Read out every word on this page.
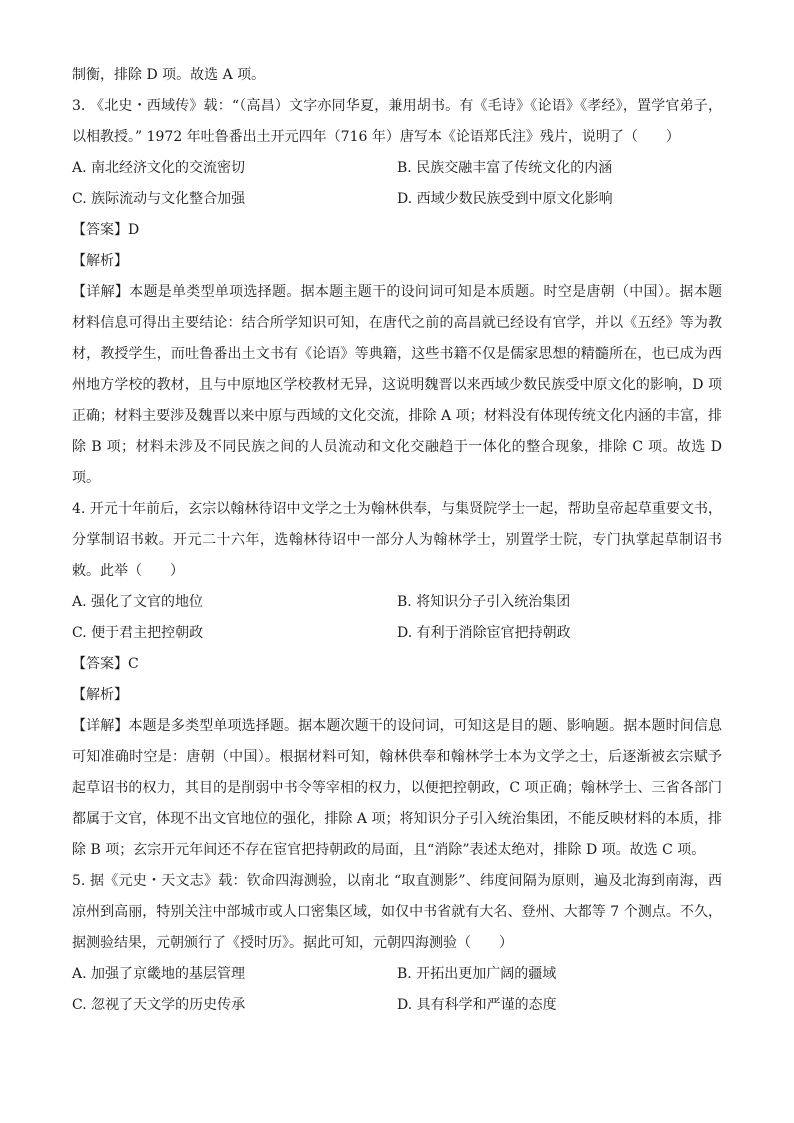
制衡，排除 D 项。故选 A 项。

3. 《北史・西域传》载：“（高昌）文字亦同华夏，兼用胡书。有《毛诗》《论语》《孝经》，置学官弟子，以相教授。” 1972 年吐鲁番出土开元四年（716 年）唐写本《论语郑氏注》残片，说明了（　　）

A. 南北经济文化的交流密切	B. 民族交融丰富了传统文化的内涵
C. 族际流动与文化整合加强	D. 西域少数民族受到中原文化影响

【答案】D

【解析】

【详解】本题是单类型单项选择题。据本题主题干的设问词可知是本质题。时空是唐朝（中国）。据本题材料信息可得出主要结论：结合所学知识可知，在唐代之前的高昌就已经设有官学，并以《五经》等为教材，教授学生，而吐鲁番出土文书有《论语》等典籍，这些书籍不仅是儒家思想的精髓所在，也已成为西州地方学校的教材，且与中原地区学校教材无异，这说明魏晋以来西域少数民族受中原文化的影响，D 项正确；材料主要涉及魏晋以来中原与西域的文化交流，排除 A 项；材料没有体现传统文化内涵的丰富，排除 B 项；材料未涉及不同民族之间的人员流动和文化交融趋于一体化的整合现象，排除 C 项。故选 D 项。

4. 开元十年前后，玄宗以翰林待诏中文学之士为翰林供奉，与集贤院学士一起，帮助皇帝起草重要文书，分掌制诏书敕。开元二十六年，选翰林待诏中一部分人为翰林学士，别置学士院，专门执掌起草制诏书敕。此举（　　）

A. 强化了文官的地位	B. 将知识分子引入统治集团
C. 便于君主把控朝政	D. 有利于消除宦官把持朝政

【答案】C

【解析】

【详解】本题是多类型单项选择题。据本题次题干的设问词，可知这是目的题、影响题。据本题时间信息可知准确时空是：唐朝（中国）。根据材料可知，翰林供奉和翰林学士本为文学之士，后逐渐被玄宗赋予起草诏书的权力，其目的是削弱中书令等宰相的权力，以便把控朝政，C 项正确；翰林学士、三省各部门都属于文官，体现不出文官地位的强化，排除 A 项；将知识分子引入统治集团，不能反映材料的本质，排除 B 项；玄宗开元年间还不存在宦官把持朝政的局面，且“消除”表述太绝对，排除 D 项。故选 C 项。

5. 据《元史・天文志》载：钦命四海测验，以南北 “取直测影”、纬度间隔为原则，遍及北海到南海，西凉州到高丽，特别关注中部城市或人口密集区域，如仅中书省就有大名、登州、大都等 7 个测点。不久，据测验结果，元朝颁行了《授时历》。据此可知，元朝四海测验（　　）

A. 加强了京畿地的基层管理	B. 开拓出更加广阔的疆域
C. 忽视了天文学的历史传承	D. 具有科学和严谨的态度
